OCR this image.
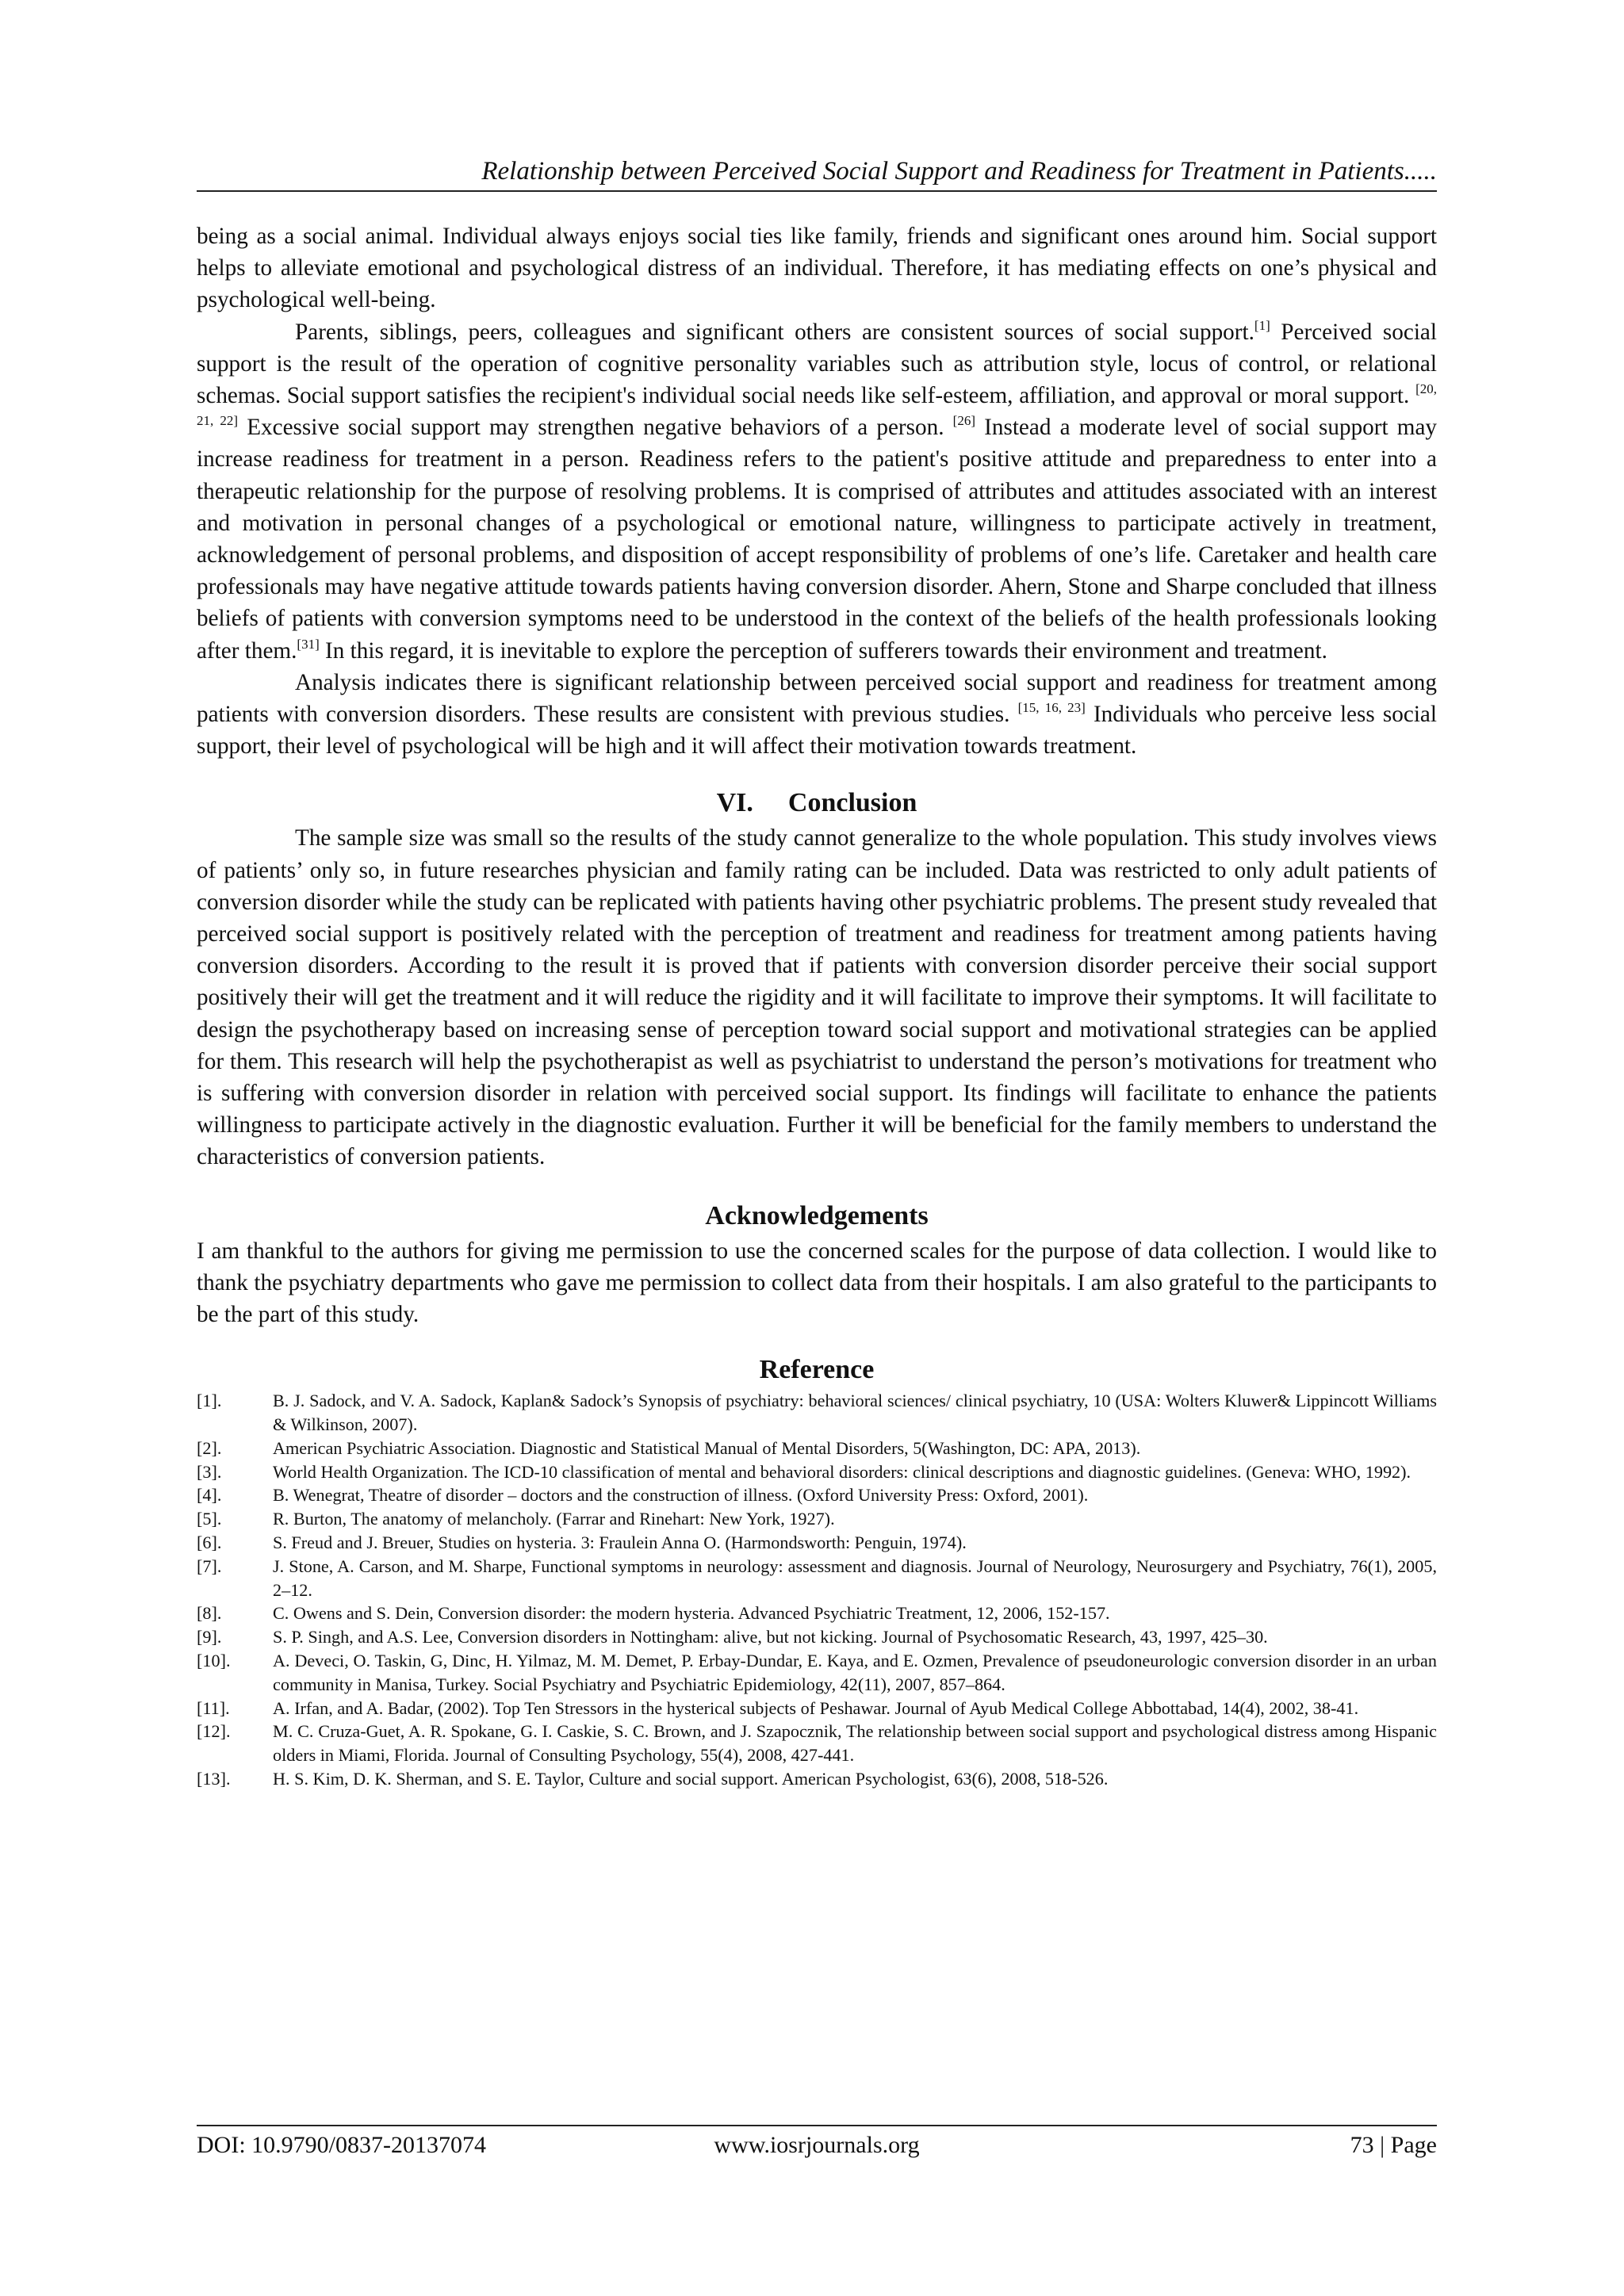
Relationship between Perceived Social Support and Readiness for Treatment in Patients.....

being as a social animal. Individual always enjoys social ties like family, friends and significant ones around him. Social support helps to alleviate emotional and psychological distress of an individual. Therefore, it has mediating effects on one’s physical and psychological well-being.

Parents, siblings, peers, colleagues and significant others are consistent sources of social support.[1] Perceived social support is the result of the operation of cognitive personality variables such as attribution style, locus of control, or relational schemas. Social support satisfies the recipient's individual social needs like self-esteem, affiliation, and approval or moral support. [20, 21, 22] Excessive social support may strengthen negative behaviors of a person. [26] Instead a moderate level of social support may increase readiness for treatment in a person. Readiness refers to the patient's positive attitude and preparedness to enter into a therapeutic relationship for the purpose of resolving problems. It is comprised of attributes and attitudes associated with an interest and motivation in personal changes of a psychological or emotional nature, willingness to participate actively in treatment, acknowledgement of personal problems, and disposition of accept responsibility of problems of one’s life. Caretaker and health care professionals may have negative attitude towards patients having conversion disorder. Ahern, Stone and Sharpe concluded that illness beliefs of patients with conversion symptoms need to be understood in the context of the beliefs of the health professionals looking after them.[31] In this regard, it is inevitable to explore the perception of sufferers towards their environment and treatment.

Analysis indicates there is significant relationship between perceived social support and readiness for treatment among patients with conversion disorders. These results are consistent with previous studies. [15, 16, 23] Individuals who perceive less social support, their level of psychological will be high and it will affect their motivation towards treatment.

VI. Conclusion

The sample size was small so the results of the study cannot generalize to the whole population. This study involves views of patients’ only so, in future researches physician and family rating can be included. Data was restricted to only adult patients of conversion disorder while the study can be replicated with patients having other psychiatric problems. The present study revealed that perceived social support is positively related with the perception of treatment and readiness for treatment among patients having conversion disorders. According to the result it is proved that if patients with conversion disorder perceive their social support positively their will get the treatment and it will reduce the rigidity and it will facilitate to improve their symptoms. It will facilitate to design the psychotherapy based on increasing sense of perception toward social support and motivational strategies can be applied for them. This research will help the psychotherapist as well as psychiatrist to understand the person’s motivations for treatment who is suffering with conversion disorder in relation with perceived social support. Its findings will facilitate to enhance the patients willingness to participate actively in the diagnostic evaluation. Further it will be beneficial for the family members to understand the characteristics of conversion patients.

Acknowledgements

I am thankful to the authors for giving me permission to use the concerned scales for the purpose of data collection. I would like to thank the psychiatry departments who gave me permission to collect data from their hospitals. I am also grateful to the participants to be the part of this study.

Reference
[1].	B. J. Sadock, and V. A. Sadock, Kaplan& Sadock’s Synopsis of psychiatry: behavioral sciences/ clinical psychiatry, 10 (USA: Wolters Kluwer& Lippincott Williams & Wilkinson, 2007).
[2].	American Psychiatric Association. Diagnostic and Statistical Manual of Mental Disorders, 5(Washington, DC: APA, 2013).
[3].	World Health Organization. The ICD-10 classification of mental and behavioral disorders: clinical descriptions and diagnostic guidelines. (Geneva: WHO, 1992).
[4].	B. Wenegrat, Theatre of disorder – doctors and the construction of illness. (Oxford University Press: Oxford, 2001).
[5].	R. Burton, The anatomy of melancholy. (Farrar and Rinehart: New York, 1927).
[6].	S. Freud and J. Breuer, Studies on hysteria. 3: Fraulein Anna O. (Harmondsworth: Penguin, 1974).
[7].	J. Stone, A. Carson, and M. Sharpe, Functional symptoms in neurology: assessment and diagnosis. Journal of Neurology, Neurosurgery and Psychiatry, 76(1), 2005, 2–12.
[8].	C. Owens and S. Dein, Conversion disorder: the modern hysteria. Advanced Psychiatric Treatment, 12, 2006, 152-157.
[9].	S. P. Singh, and A.S. Lee, Conversion disorders in Nottingham: alive, but not kicking. Journal of Psychosomatic Research, 43, 1997, 425–30.
[10]. A. Deveci, O. Taskin, G, Dinc, H. Yilmaz, M. M. Demet, P. Erbay-Dundar, E. Kaya, and E. Ozmen, Prevalence of pseudoneurologic conversion disorder in an urban community in Manisa, Turkey. Social Psychiatry and Psychiatric Epidemiology, 42(11), 2007, 857–864.
[11]. A. Irfan, and A. Badar, (2002). Top Ten Stressors in the hysterical subjects of Peshawar. Journal of Ayub Medical College Abbottabad, 14(4), 2002, 38-41.
[12]. M. C. Cruza-Guet, A. R. Spokane, G. I. Caskie, S. C. Brown, and J. Szapocznik, The relationship between social support and psychological distress among Hispanic olders in Miami, Florida. Journal of Consulting Psychology, 55(4), 2008, 427-441.
[13]. H. S. Kim, D. K. Sherman, and S. E. Taylor, Culture and social support. American Psychologist, 63(6), 2008, 518-526.
DOI: 10.9790/0837-20137074	www.iosrjournals.org	73 | Page
